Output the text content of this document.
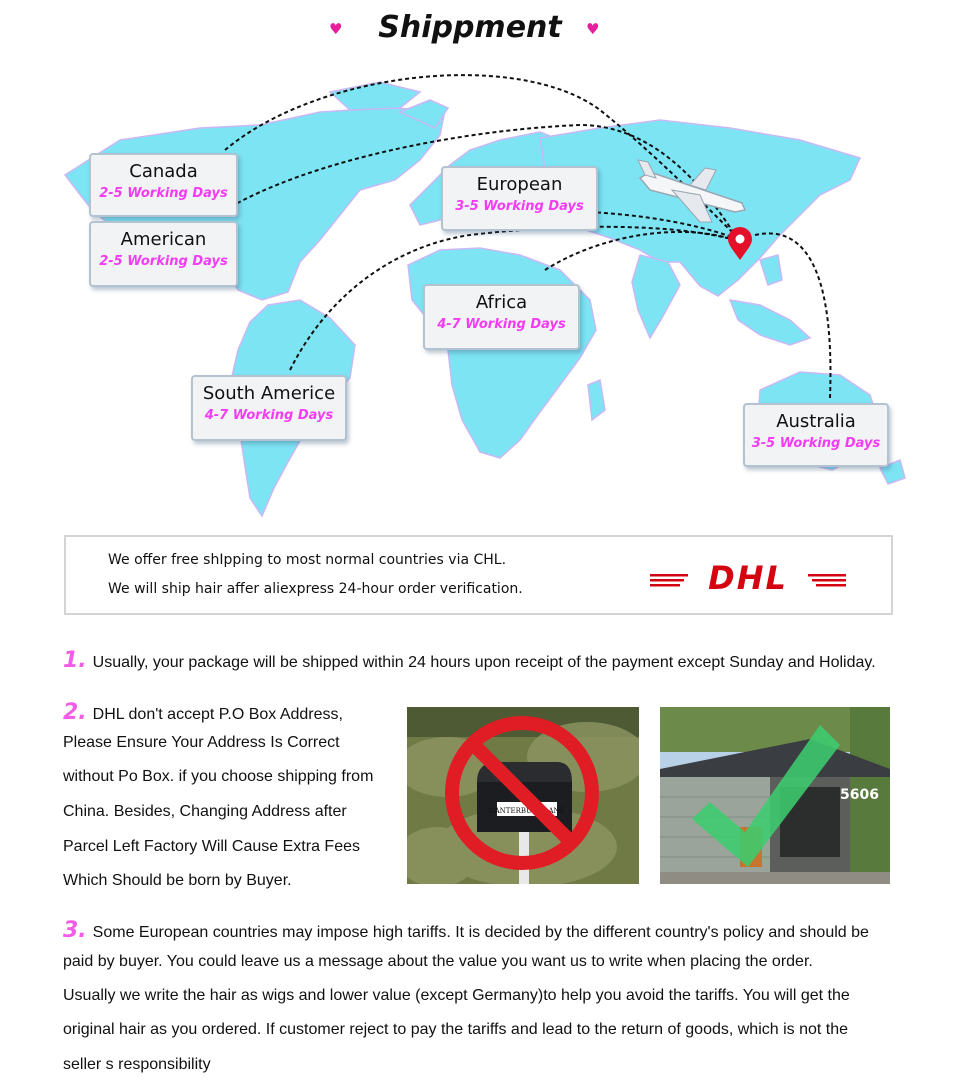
♥	Shippment	♥
Canada
2-5 Working Days
American
2-5 Working Days
European
3-5 Working Days
Africa
4-7 Working Days
South Americe
4-7 Working Days	Australia
3-5 Working Days
We offer free shIpping to most normal countries via CHL.
We will ship hair affer aliexpress 24-hour order verification.	DHL
1. Usually, your package will be shipped within 24 hours upon receipt of the payment except Sunday and Holiday.
2. DHL don't accept P.O Box Address,
Please Ensure Your Address Is Correct
without Po Box. if you choose shipping from
China. Besides, Changing Address after
Parcel Left Factory Will Cause Extra Fees
Which Should be born by Buyer.
CANTERBURY LANE
5606
3. Some European countries may impose high tariffs. It is decided by the different country's policy and should be
paid by buyer. You could leave us a message about the value you want us to write when placing the order.
Usually we write the hair as wigs and lower value (except Germany)to help you avoid the tariffs. You will get the
original hair as you ordered. If customer reject to pay the tariffs and lead to the return of goods, which is not the
seller s responsibility
